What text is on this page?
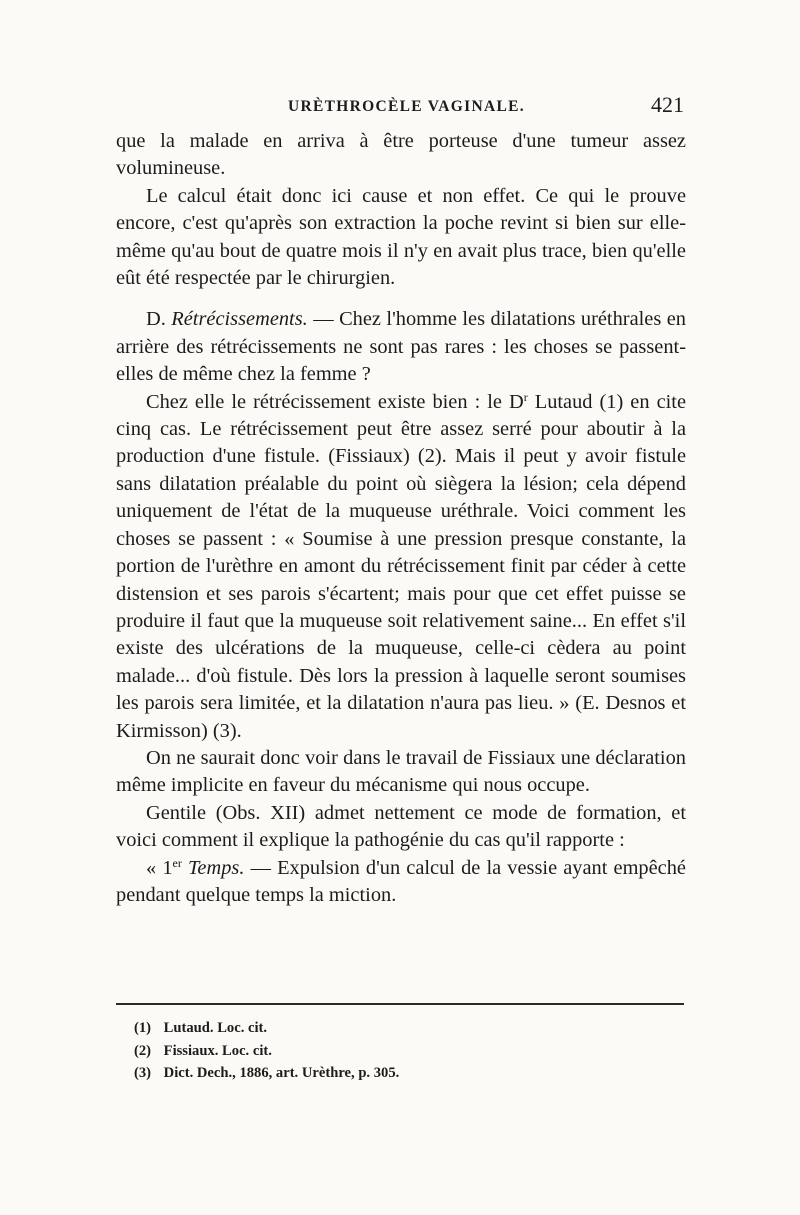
URÈTHROCÈLE VAGINALE.	421

que la malade en arriva à être porteuse d'une tumeur assez volumineuse.

Le calcul était donc ici cause et non effet. Ce qui le prouve encore, c'est qu'après son extraction la poche revint si bien sur elle-même qu'au bout de quatre mois il n'y en avait plus trace, bien qu'elle eût été respectée par le chirurgien.

D. Rétrécissements. — Chez l'homme les dilatations uréthrales en arrière des rétrécissements ne sont pas rares : les choses se passent-elles de même chez la femme ?

Chez elle le rétrécissement existe bien : le $D^r$ Lutaud (1) en cite cinq cas. Le rétrécissement peut être assez serré pour aboutir à la production d'une fistule. (Fissiaux) (2). Mais il peut y avoir fistule sans dilatation préalable du point où siègera la lésion; cela dépend uniquement de l'état de la muqueuse uréthrale. Voici comment les choses se passent : « Soumise à une pression presque constante, la portion de l'urèthre en amont du rétrécissement finit par céder à cette distension et ses parois s'écartent; mais pour que cet effet puisse se produire il faut que la muqueuse soit relativement saine... En effet s'il existe des ulcérations de la muqueuse, celle-ci cèdera au point malade... d'où fistule. Dès lors la pression à laquelle seront soumises les parois sera limitée, et la dilatation n'aura pas lieu. » (E. Desnos et Kirmisson) (3).

On ne saurait donc voir dans le travail de Fissiaux une déclaration même implicite en faveur du mécanisme qui nous occupe.

Gentile (Obs. XII) admet nettement ce mode de formation, et voici comment il explique la pathogénie du cas qu'il rapporte :

« 1er Temps. — Expulsion d'un calcul de la vessie ayant empêché pendant quelque temps la miction.

(1) Lutaud. Loc. cit.
(2) Fissiaux. Loc. cit.
(3) Dict. Dech., 1886, art. Urèthre, p. 305.
